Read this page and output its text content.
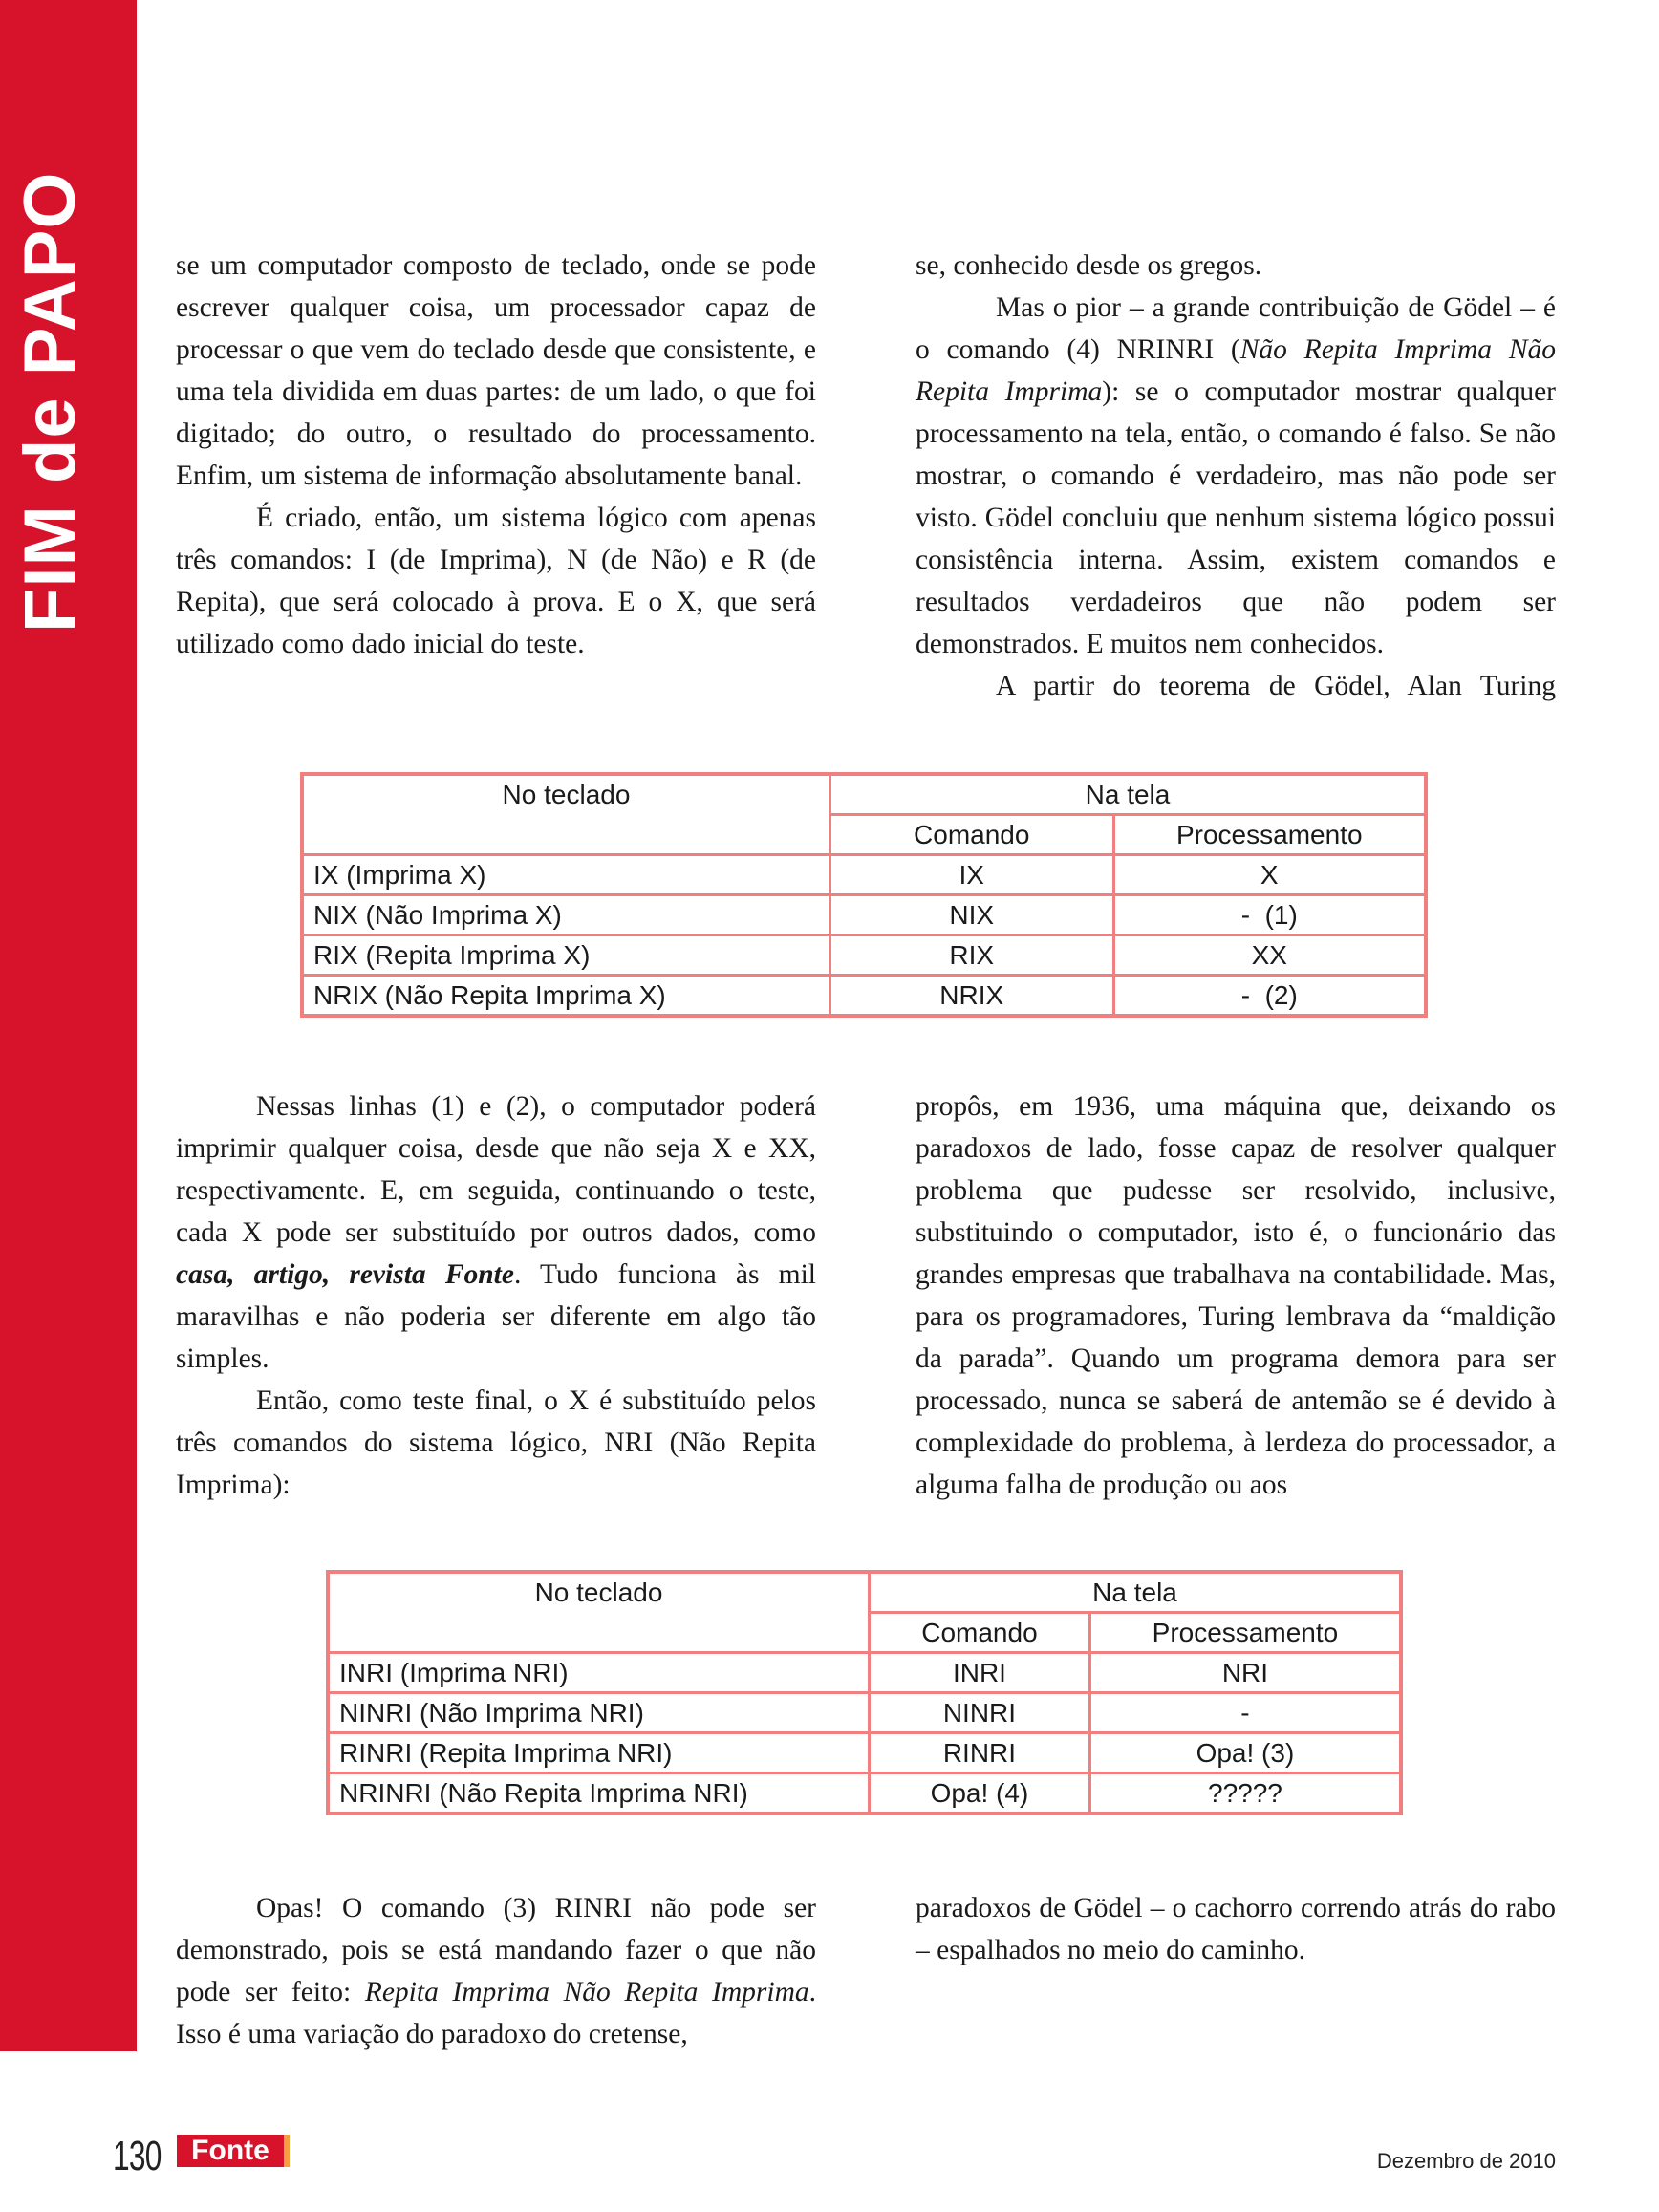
FIM de PAPO	se um computador composto de teclado, onde se pode escrever qualquer coisa, um processador capaz de processar o que vem do teclado desde que consistente, e uma tela dividida em duas partes: de um lado, o que foi digitado; do outro, o resultado do processamento. Enfim, um sistema de informação absolutamente banal.

É criado, então, um sistema lógico com apenas três comandos: I (de Imprima), N (de Não) e R (de Repita), que será colocado à prova. E o X, que será utilizado como dado inicial do teste.

se, conhecido desde os gregos.

Mas o pior – a grande contribuição de Gödel – é o comando (4) NRINRI (Não Repita Imprima Não Repita Imprima): se o computador mostrar qualquer processamento na tela, então, o comando é falso. Se não mostrar, o comando é verdadeiro, mas não pode ser visto. Gödel concluiu que nenhum sistema lógico possui consistência interna. Assim, existem comandos e resultados verdadeiros que não podem ser demonstrados. E muitos nem conhecidos.

A partir do teorema de Gödel, Alan Turing

No teclado	Na tela	
	Comando	Processamento
IX (Imprima X)	IX	X
NIX (Não Imprima X)	NIX	-  (1)
RIX (Repita Imprima X)	RIX	XX
NRIX (Não Repita Imprima X)	NRIX	-  (2)

Nessas linhas (1) e (2), o computador poderá imprimir qualquer coisa, desde que não seja X e XX, respectivamente. E, em seguida, continuando o teste, cada X pode ser substituído por outros dados, como casa, artigo, revista Fonte. Tudo funciona às mil maravilhas e não poderia ser diferente em algo tão simples.

Então, como teste final, o X é substituído pelos três comandos do sistema lógico, NRI (Não Repita Imprima):

propôs, em 1936, uma máquina que, deixando os paradoxos de lado, fosse capaz de resolver qualquer problema que pudesse ser resolvido, inclusive, substituindo o computador, isto é, o funcionário das grandes empresas que trabalhava na contabilidade. Mas, para os programadores, Turing lembrava da “maldição da parada”. Quando um programa demora para ser processado, nunca se saberá de antemão se é devido à complexidade do problema, à lerdeza do processador, a alguma falha de produção ou aos

No teclado	Na tela	
	Comando	Processamento
INRI (Imprima NRI)	INRI	NRI
NINRI (Não Imprima NRI)	NINRI	-
RINRI (Repita Imprima NRI)	RINRI	Opa! (3)
NRINRI (Não Repita Imprima NRI)	Opa! (4)	?????

Opas! O comando (3) RINRI não pode ser demonstrado, pois se está mandando fazer o que não pode ser feito: Repita Imprima Não Repita Imprima. Isso é uma variação do paradoxo do cretense,

paradoxos de Gödel – o cachorro correndo atrás do rabo – espalhados no meio do caminho.

130	Fonte	Dezembro de 2010
